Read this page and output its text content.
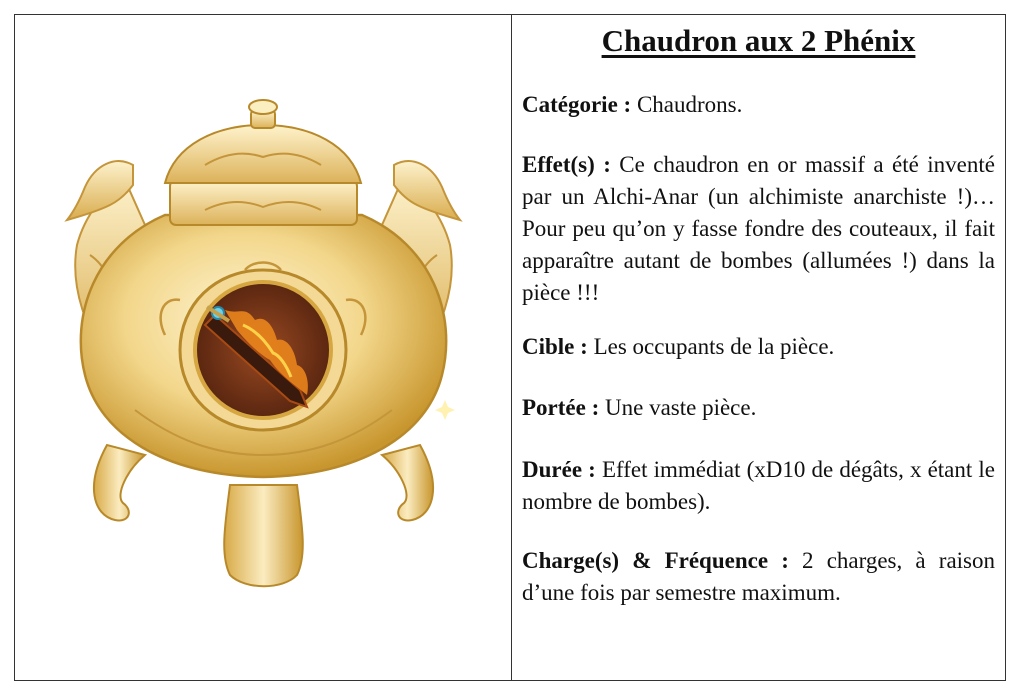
Chaudron aux 2 Phénix
Catégorie : Chaudrons.
Effet(s) : Ce chaudron en or massif a été inventé par un Alchi-Anar (un alchimiste anarchiste !)… Pour peu qu’on y fasse fondre des couteaux, il fait apparaître autant de bombes (allumées !) dans la pièce !!!
Cible : Les occupants de la pièce.
Portée : Une vaste pièce.
Durée : Effet immédiat (xD10 de dégâts, x étant le nombre de bombes).
Charge(s) & Fréquence : 2 charges, à raison d’une fois par semestre maximum.
